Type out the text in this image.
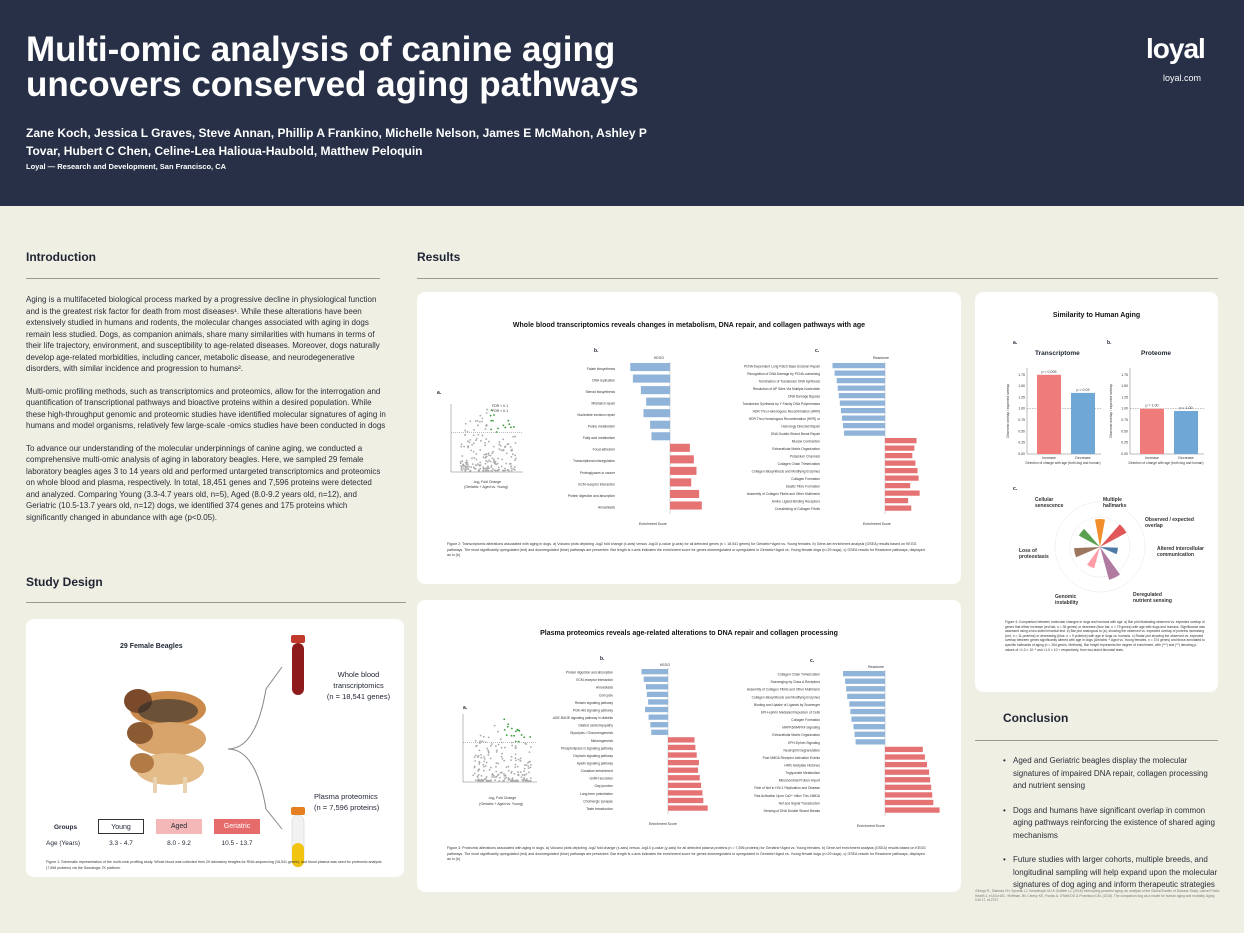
Multi-omic analysis of canine aging uncovers conserved aging pathways
Zane Koch, Jessica L Graves, Steve Annan, Phillip A Frankino, Michelle Nelson, James E McMahon, Ashley P Tovar, Hubert C Chen, Celine-Lea Halioua-Haubold, Matthew Peloquin
Loyal — Research and Development, San Francisco, CA
loyal
loyal.com
Introduction

Aging is a multifaceted biological process marked by a progressive decline in physiological function and is the greatest risk factor for death from most diseases¹. While these alterations have been extensively studied in humans and rodents, the molecular changes associated with aging in dogs remain less studied. Dogs, as companion animals, share many similarities with humans in terms of their life trajectory, environment, and susceptibility to age-related diseases. Moreover, dogs naturally develop age-related morbidities, including cancer, metabolic disease, and neurodegenerative disorders, with similar incidence and progression to humans².

Multi-omic profiling methods, such as transcriptomics and proteomics, allow for the interrogation and quantification of transcriptional pathways and bioactive proteins within a desired population. While these high-throughput genomic and proteomic studies have identified molecular signatures of aging in humans and model organisms, relatively few large-scale -omics studies have been conducted in dogs

To advance our understanding of the molecular underpinnings of canine aging, we conducted a comprehensive multi-omic analysis of aging in laboratory beagles. Here, we sampled 29 female laboratory beagles ages 3 to 14 years old and performed untargeted transcriptomics and proteomics on whole blood and plasma, respectively. In total, 18,451 genes and 7,596 proteins were detected and analyzed. Comparing Young (3.3-4.7 years old, n=5), Aged (8.0-9.2 years old, n=12), and Geriatric (10.5-13.7 years old, n=12) dogs, we identified 374 genes and 175 proteins which significantly changed in abundance with age (p<0.05).

Study Design
29 Female Beagles
Whole blood transcriptomics
(n = 18,541 genes)
Plasma proteomics
(n = 7,596 proteins)
Groups
Age (Years)
Young	Aged	Geriatric
3.3 - 4.7	8.0 - 9.2	10.5 - 13.7
Figure 1: Schematic representation of the multi-omic profiling study. Whole blood was collected from 29 laboratory beagles for RNA-sequencing (18,541 genes), and blood plasma was used for proteomic analysis (7,596 proteins) via the Somalogic 7K platform.
Results
Whole blood transcriptomics reveals changes in metabolism, DNA repair, and collagen pathways with age
a.
b.	c.
-log₂ Fold Change
(Geriatric + Aged vs. Young)
FDR < 0.1
FDR < 0.1
KEGG
Folate biosynthesis
DNA replication
Steroid biosynthesis
Mismatch repair
Nucleotide excision repair
Purine metabolism
Fatty acid metabolism
Focal adhesion
Transcriptional misregulation
Proteoglycans in cancer
ECM-receptor interaction
Protein digestion and absorption
Amoebiasis
Enrichment Score
Reactome
PCNA-Dependent Long Patch Base Excision Repair
Recognition of DNA Damage by PCNA-containing
Termination of Translesion DNA Synthesis
Resolution of AP Sites Via Multiple-Nucleotide
DNA Damage Bypass
Translesion Synthesis by Y Family DNA Polymerases
HDR Thru Homologous Recombination (HRR)
HDR Thru Homologous Recombination (HRR) or
Homology Directed Repair
DNA Double-Strand Break Repair
Muscle Contraction
Extracellular Matrix Organization
Potassium Channels
Collagen Chain Trimerization
Collagen Biosynthesis and Modifying Enzymes
Collagen Formation
Elastic Fibre Formation
Assembly of Collagen Fibrils and Other Multimeric
Amine Ligand-Binding Receptors
Crosslinking of Collagen Fibrils
Enrichment Score
Figure 2: Transcriptomic alterations associated with aging in dogs. a) Volcano plots depicting -log2 fold change (x-axis) versus -log10 p-value (y-axis) for all detected genes (n = 18,541 genes) for Geriatric+Aged vs. Young females. b) Gene-set enrichment analysis (GSEA) results based on KEGG pathways. The most significantly upregulated (red) and downregulated (blue) pathways are presented. Bar length is x-axis indicates the enrichment score for genes downregulated or upregulated in Geriatric+Aged vs. Young female dogs (n=29 dogs). c) GSEA results for Reactome pathways, displayed as in (b).
Plasma proteomics reveals age-related alterations to DNA repair and collagen processing
a.
b.	c.
-log₂ Fold Change
(Geriatric + Aged vs. Young)
KEGG
Protein digestion and absorption
ECM-receptor interaction
Amoebiasis
Cell cycle
Relaxin signaling pathway
PI3K-Akt signaling pathway
AGE-RAGE signaling pathway in diabetic
Dilated cardiomyopathy
Glycolysis / Gluconeogenesis
Melanogenesis
Phospholipase D signaling pathway
Oxytocin signaling pathway
Apelin signaling pathway
Circadian entrainment
GnRH secretion
Gap junction
Long-term potentiation
Cholinergic synapse
Taste transduction
Enrichment Score
Reactome
Collagen Chain Trimerization
Scavenging by Class A Receptors
Assembly of Collagen Fibrils and Other Multimeric
Collagen Biosynthesis and Modifying Enzymes
Binding and Uptake of Ligands by Scavenger
EPH-ephrin Mediated Repulsion of Cells
Collagen Formation
MAPK6/MAPK4 Signaling
Extracellular Matrix Organization
EPH-Ephrin Signaling
Neutrophil Degranulation
Post NMDA Receptor Activation Events
HATs Acetylate Histones
Triglyceride Metabolism
Mitochondrial Protein Import
Role of Nef in HIV-1 Replication and Disease
Ras Activation Upon Ca2+ Influx Thru NMDA
Nef and Signal Transduction
Sensing of DNA Double Strand Breaks
Enrichment Score
Figure 3: Proteomic alterations associated with aging in dogs. a) Volcano plots depicting -log2 fold change (x-axis) versus -log10 p-value (y-axis) for all detected plasma proteins (n = 7,596 proteins) for Geriatric+Aged vs. Young females. b) Gene-set enrichment analysis (GSEA) results based on KEGG pathways. The most significantly upregulated (red) and downregulated (blue) pathways are presented. Bar length is x-axis indicates the enrichment score for genes downregulated or upregulated in Geriatric+Aged vs. Young female dogs (n=29 dogs). c) GSEA results for Reactome pathways, displayed as in (b).
Similarity to Human Aging
a.	b.
Transcriptome	Proteome
1.75
1.50
1.25
1.00
0.75
0.50
0.25
0.00
p = 0.005
Increase
p = 0.03
Decrease
Direction of change with age (both dog and human)
Observed overlap / expected overlap
1.75
1.50
1.25
1.00
0.75
0.50
0.25
0.00
p = 1.00
Increase
p = 1.00
Decrease
Direction of change with age (both dog and human)
Observed overlap / expected overlap
c.
Cellular senescence
Multiple hallmarks
Observed / expected overlap
Altered intercellular communication
Deregulated nutrient sensing
Genomic instability
Loss of proteostasis
Figure 4: Comparison between molecular changes in dogs and humans with age. a) Bar plot illustrating observed vs. expected overlap of genes that either increase (red bar, n = 36 genes) or decrease (blue bar, n = 79 genes) with age with dogs and humans. Significance was assessed using a two-sided binomial test. b) Bar plot analogous to (a), showing the observed vs. expected overlap of proteins increasing (red, n = 11 proteins) or decreasing (blue, n = 9 proteins) with age in dogs vs. humans. c) Radar plot showing the observed vs. expected overlap between genes significantly altered with age in dogs (Geriatric + Aged vs. Young females, n = 374 genes) and those annotated to specific hallmarks of aging (n = 264 genes, Methods). Bar height represents the degree of enrichment, with (***) and (**) denoting p-values of <1.0 × 10⁻⁵ and <1.0 × 10⁻³ respectively, from two-sided binomial tests.
Conclusion
• Aged and Geriatric beagles display the molecular signatures of impaired DNA repair, collagen processing and nutrient sensing
• Dogs and humans have significant overlap in common aging pathways reinforcing the existence of shared aging mechanisms
• Future studies with larger cohorts, multiple breeds, and longitudinal sampling will help expand upon the molecular signatures of dog aging and inform therapeutic strategies
¹Dhingr R., Slaboda VH, Syrostik LJ, Kesselsoph MJ & Gottlieb LJ. (2016) Interrupting peaceful aging: an analysis of the Global Burden of Disease Study. Lancet Public Health 1, e143-e151. ²Hoffman JM, Creevy KE, Franks A, O'Neill DG & Promislow DEL (2018). The companion dog as a model for human aging and mortality. Aging Cell 17, e12737.
